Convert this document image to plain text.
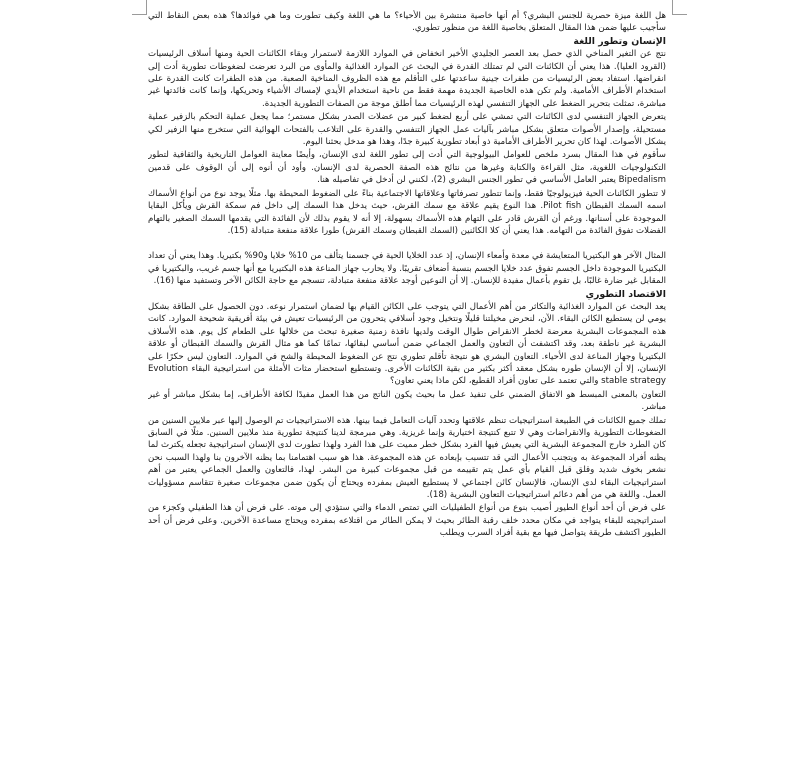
هل اللغة ميزة حصرية للجنس البشري؟ أم أنها خاصية منتشرة بين الأحياء؟ ما هي اللغة وكيف تطورت وما هي فوائدها؟ هذه بعض النقاط التي سأجيب عليها ضمن هذا المقال المتعلق بخاصية اللغة من منظور تطوري.

الإنسان وتطور اللغة

نتج عن التغير المناخي الذي حصل بعد العصر الجليدي الأخير انخفاض في الموارد اللازمة لاستمرار وبقاء الكائنات الحية ومنها أسلاف الرئيسيات (القرود العليا). هذا يعني أن الكائنات التي لم تمتلك القدرة في البحث عن الموارد الغذائية والمأوى من البرد تعرضت لضغوطات تطورية أدت إلى انقراضها. استفاد بعض الرئيسيات من طفرات جينية ساعدتها على التأقلم مع هذه الظروف المناخية الصعبة. من هذه الطفرات كانت القدرة على استخدام الأطراف الأمامية. ولم تكن هذه الخاصية الجديدة مهمة فقط من ناحية استخدام الأيدي لإمساك الأشياء وتحريكها، وإنما كانت فائدتها غير مباشرة، تمثلت بتحرير الضغط على الجهاز التنفسي لهذه الرئيسيات مما أطلق موجة من الصفات التطورية الجديدة.

يتعرض الجهاز التنفسي لدى الكائنات التي تمشي على أربع لضغط كبير من عضلات الصدر بشكل مستمر؛ مما يجعل عملية التحكم بالزفير عملية مستحيلة، وإصدار الأصوات متعلق بشكل مباشر بآليات عمل الجهاز التنفسي والقدرة على التلاعب بالفتحات الهوائية التي ستخرج منها الزفير لكي يشكل الأصوات. لهذا كان تحرير الأطراف الأمامية ذو أبعاد تطورية كبيرة جدًا، وهذا هو مدخل بحثنا اليوم.

سأقوم في هذا المقال بسرد ملخص للعوامل البيولوجية التي أدت إلى تطور اللغة لدى الإنسان، وأيضًا معاينة العوامل التاريخية والثقافية لتطور التكنولوجيات اللغوية، مثل القراءة والكتابة وغيرها من نتائج هذه الصفة الحصرية لدى الإنسان. وأود أن أنوه إلى أن الوقوف على قدمين Bipedalism يعتبر العامل الأساسي في تطور الجنس البشري (2)، لكنني لن أدخل في تفاصيله هنا.

لا تتطور الكائنات الحية فيزيولوجيًا فقط، وإنما تتطور تصرفاتها وعلاقاتها الاجتماعية بناءً على الضغوط المحيطة بها. مثلًا يوجد نوع من أنواع الأسماك اسمه السمك القبطان Pilot fish. هذا النوع يقيم علاقة مع سمك القرش، حيث يدخل هذا السمك إلى داخل فم سمكة القرش ويأكل البقايا الموجودة على أسنانها. ورغم أن القرش قادر على التهام هذه الأسماك بسهولة، إلا أنه لا يقوم بذلك لأن الفائدة التي يقدمها السمك الصغير بالتهام الفضلات تفوق الفائدة من التهامه. هذا يعني أن كلا الكائنين (السمك القبطان وسمك القرش) طورا علاقة منفعة متبادلة (15).

المثال الآخر هو البكتيريا المتعايشة في معدة وأمعاء الإنسان، إذ عدد الخلايا الحية في جسمنا يتألف من 10% خلايا و90% بكتيريا. وهذا يعني أن تعداد البكتيريا الموجودة داخل الجسم تفوق عدد خلايا الجسم بنسبة أضعاف تقريبًا. ولا يحارب جهاز المناعة هذه البكتيريا مع أنها جسم غريب، والبكتيريا في المقابل غير ضارة غالبًا، بل تقوم بأعمال مفيدة للإنسان. إلا أن النوعين أوجد علاقة منفعة متبادلة، تنسجم مع حاجة الكائن الآخر وتستفيد منها (16).

الاقتصاد التطوري

يعد البحث عن الموارد الغذائية والتكاثر من أهم الأعمال التي يتوجب على الكائن القيام بها لضمان استمرار نوعه. دون الحصول على الطاقة بشكل يومي لن يستطيع الكائن البقاء. الآن، لنحرض مخيلتنا قليلًا ونتخيل وجود أسلافي يتحرون من الرئيسيات تعيش في بيئة أفريقية شحيحة الموارد. كانت هذه المجموعات البشرية معرضة لخطر الانقراض طوال الوقت ولديها نافذة زمنية صغيرة تبحث من خلالها على الطعام كل يوم. هذه الأسلاف البشرية غير ناطقة بعد، وقد اكتشفت أن التعاون والعمل الجماعي ضمن أساسي لبقائها، تمامًا كما هو مثال القرش والسمك القبطان أو علاقة البكتيريا وجهاز المناعة لدى الأحياء. التعاون البشري هو نتيجة تأقلم تطوري نتج عن الضغوط المحيطة والشح في الموارد. التعاون ليس حكرًا على الإنسان، إلا أن الإنسان طوره بشكل معقد أكثر بكثير من بقية الكائنات الأخرى. وتستطيع استحضار مثات الأمثلة من استراتيجية البقاء Evolution stable strategy والتي تعتمد على تعاون أفراد القطيع، لكن ماذا يعني تعاون؟

التعاون بالمعنى المبسط هو الاتفاق الضمني على تنفيذ عمل ما بحيث يكون الناتج من هذا العمل مفيدًا لكافة الأطراف، إما بشكل مباشر أو غير مباشر.

تملك جميع الكائنات في الطبيعة استراتيجيات تنظم علاقتها وتحدد آليات التعامل فيما بينها. هذه الاستراتيجيات تم الوصول إليها عبر ملايين السنين من الضغوطات التطورية والانقراضات وهي لا تتبع كنتيجة اختيارية وإنما غريزية. وهي مبرمجة لدينا كنتيجة تطورية منذ ملايين السنين. مثلًا في السابق كان الطرد خارج المجموعة البشرية التي يعيش فيها الفرد بشكل خطر مميت على هذا الفرد ولهذا تطورت لدى الإنسان استراتيجية تجعله يكترث لما يظنه أفراد المجموعة به ويتجنب الأعمال التي قد تتسبب بإبعاده عن هذه المجموعة. هذا هو سبب اهتمامنا بما يظنه الآخرون بنا ولهذا السبب نحن نشعر بخوف شديد وقلق قبل القيام بأي عمل يتم تقييمه من قبل مجموعات كبيرة من البشر. لهذا، فالتعاون والعمل الجماعي يعتبر من أهم استراتيجيات البقاء لدى الإنسان، فالإنسان كائن اجتماعي لا يستطيع العيش بمفرده ويحتاج أن يكون ضمن مجموعات صغيرة تتقاسم مسؤوليات العمل. واللغة هي من أهم دعائم استراتيجيات التعاون البشرية (18).

على فرض أن أحد أنواع الطيور أصيب بنوع من أنواع الطفيليات التي تمتص الدماء والتي ستؤدي إلى موته. على فرض أن هذا الطفيلي وكجزء من استراتيجيته للبقاء يتواجد في مكان محدد خلف رقبة الطائر بحيث لا يمكن الطائر من اقتلاعه بمفرده ويحتاج مساعدة الآخرين. وعلى فرض أن أحد الطيور اكتشف طريقة يتواصل فيها مع بقية أفراد السرب ويطلب
